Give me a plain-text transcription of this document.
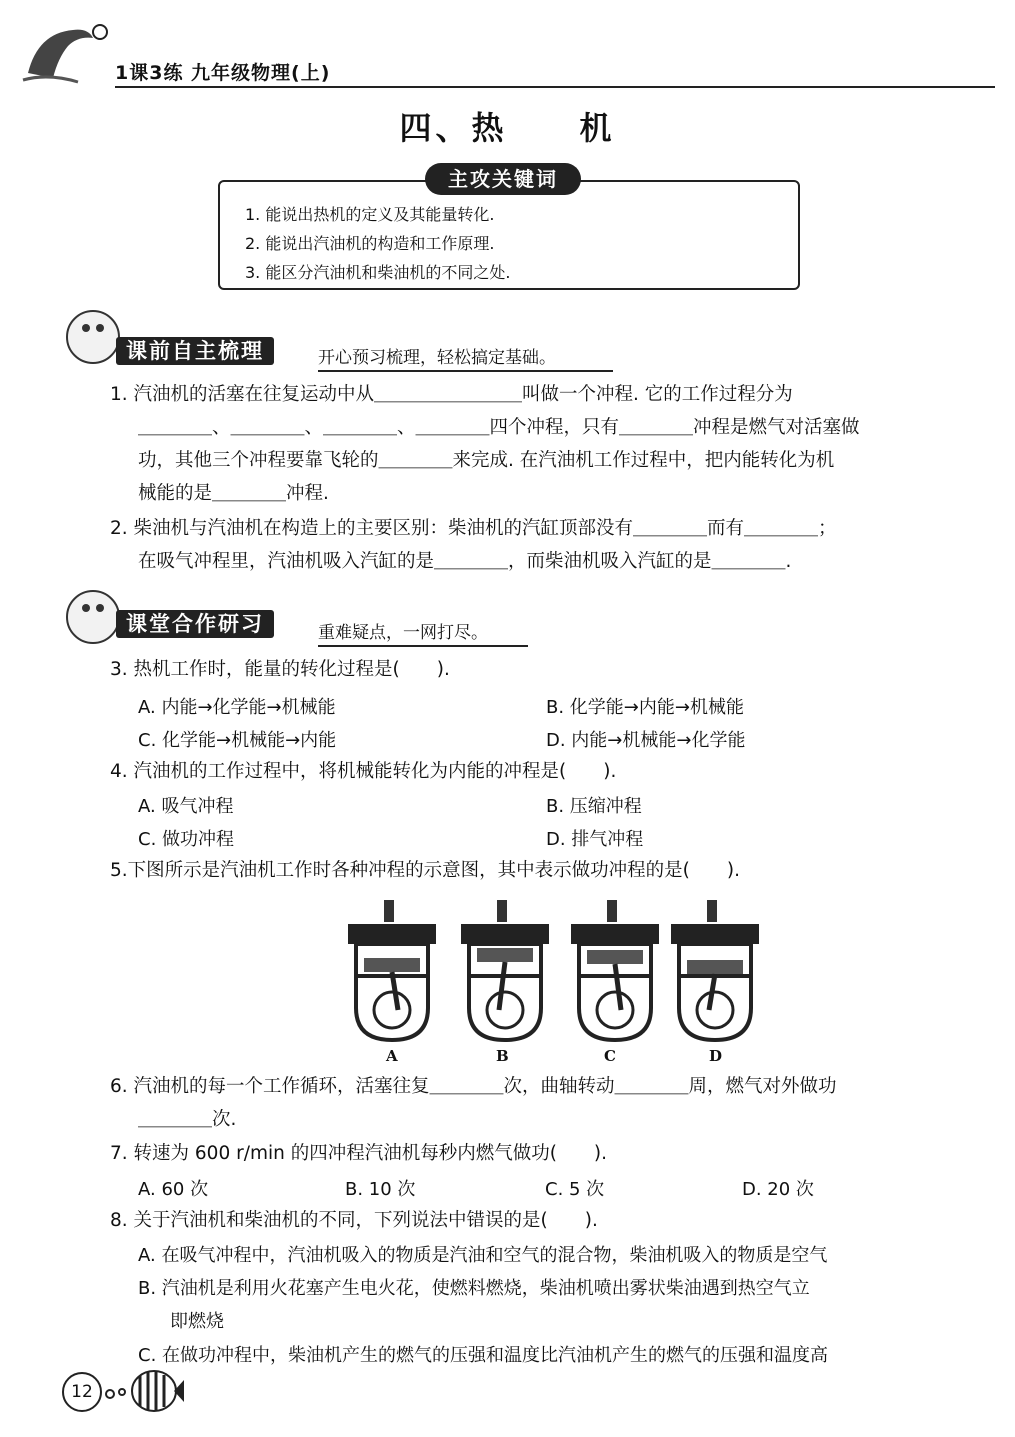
1课3练 九年级物理(上)
四、热　　机
主攻关键词
1. 能说出热机的定义及其能量转化.
2. 能说出汽油机的构造和工作原理.
3. 能区分汽油机和柴油机的不同之处.
课前自主梳理	开心预习梳理，轻松搞定基础。
1. 汽油机的活塞在往复运动中从＿＿＿＿＿＿＿＿叫做一个冲程. 它的工作过程分为
＿＿＿＿、＿＿＿＿、＿＿＿＿、＿＿＿＿四个冲程，只有＿＿＿＿冲程是燃气对活塞做
功，其他三个冲程要靠飞轮的＿＿＿＿来完成. 在汽油机工作过程中，把内能转化为机
械能的是＿＿＿＿冲程.
2. 柴油机与汽油机在构造上的主要区别：柴油机的汽缸顶部没有＿＿＿＿而有＿＿＿＿；
在吸气冲程里，汽油机吸入汽缸的是＿＿＿＿，而柴油机吸入汽缸的是＿＿＿＿.
课堂合作研习	重难疑点，一网打尽。
3. 热机工作时，能量的转化过程是(　　).
A. 内能→化学能→机械能	B. 化学能→内能→机械能
C. 化学能→机械能→内能	D. 内能→机械能→化学能
4. 汽油机的工作过程中，将机械能转化为内能的冲程是(　　).
A. 吸气冲程	B. 压缩冲程
C. 做功冲程	D. 排气冲程
5.下图所示是汽油机工作时各种冲程的示意图，其中表示做功冲程的是(　　).
A	B	C	D
6. 汽油机的每一个工作循环，活塞往复＿＿＿＿次，曲轴转动＿＿＿＿周，燃气对外做功
＿＿＿＿次.
7. 转速为 600 r/min 的四冲程汽油机每秒内燃气做功(　　).
A. 60 次	B. 10 次	C. 5 次	D. 20 次
8. 关于汽油机和柴油机的不同，下列说法中错误的是(　　).
A. 在吸气冲程中，汽油机吸入的物质是汽油和空气的混合物，柴油机吸入的物质是空气
B. 汽油机是利用火花塞产生电火花，使燃料燃烧，柴油机喷出雾状柴油遇到热空气立
即燃烧
C. 在做功冲程中，柴油机产生的燃气的压强和温度比汽油机产生的燃气的压强和温度高
12
